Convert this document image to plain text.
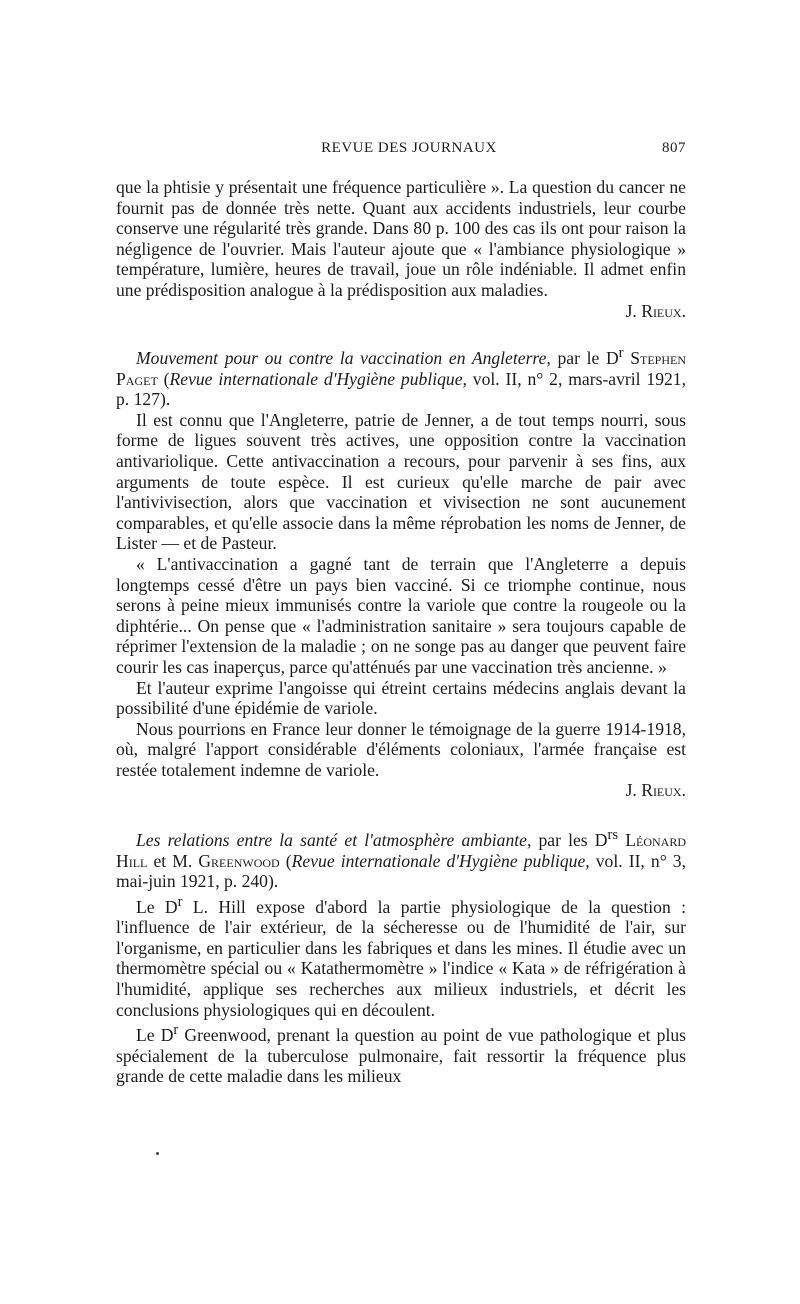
REVUE DES JOURNAUX	807

que la phtisie y présentait une fréquence particulière ». La question du cancer ne fournit pas de donnée très nette. Quant aux accidents industriels, leur courbe conserve une régularité très grande. Dans 80 p. 100 des cas ils ont pour raison la négligence de l'ouvrier. Mais l'auteur ajoute que « l'ambiance physiologique » température, lumière, heures de travail, joue un rôle indéniable. Il admet enfin une prédisposition analogue à la prédisposition aux maladies.
J. Rieux.

Mouvement pour ou contre la vaccination en Angleterre, par le $D^r$ Stephen Paget (Revue internationale d'Hygiène publique, vol. II, n° 2, mars-avril 1921, p. 127).

Il est connu que l'Angleterre, patrie de Jenner, a de tout temps nourri, sous forme de ligues souvent très actives, une opposition contre la vaccination antivariolique. Cette antivaccination a recours, pour parvenir à ses fins, aux arguments de toute espèce. Il est curieux qu'elle marche de pair avec l'antivivisection, alors que vaccination et vivisection ne sont aucunement comparables, et qu'elle associe dans la même réprobation les noms de Jenner, de Lister — et de Pasteur.

« L'antivaccination a gagné tant de terrain que l'Angleterre a depuis longtemps cessé d'être un pays bien vacciné. Si ce triomphe continue, nous serons à peine mieux immunisés contre la variole que contre la rougeole ou la diphtérie... On pense que « l'administration sanitaire » sera toujours capable de réprimer l'extension de la maladie ; on ne songe pas au danger que peuvent faire courir les cas inaperçus, parce qu'atténués par une vaccination très ancienne. »

Et l'auteur exprime l'angoisse qui étreint certains médecins anglais devant la possibilité d'une épidémie de variole.

Nous pourrions en France leur donner le témoignage de la guerre 1914-1918, où, malgré l'apport considérable d'éléments coloniaux, l'armée française est restée totalement indemne de variole.
J. Rieux.

Les relations entre la santé et l'atmosphère ambiante, par les $D^{rs}$ Léonard Hill et M. Greenwood (Revue internationale d'Hygiène publique, vol. II, n° 3, mai-juin 1921, p. 240).

Le $D^r$ L. Hill expose d'abord la partie physiologique de la question : l'influence de l'air extérieur, de la sécheresse ou de l'humidité de l'air, sur l'organisme, en particulier dans les fabriques et dans les mines. Il étudie avec un thermomètre spécial ou « Katathermomètre » l'indice « Kata » de réfrigération à l'humidité, applique ses recherches aux milieux industriels, et décrit les conclusions physiologiques qui en découlent.

Le $D^r$ Greenwood, prenant la question au point de vue pathologique et plus spécialement de la tuberculose pulmonaire, fait ressortir la fréquence plus grande de cette maladie dans les milieux
